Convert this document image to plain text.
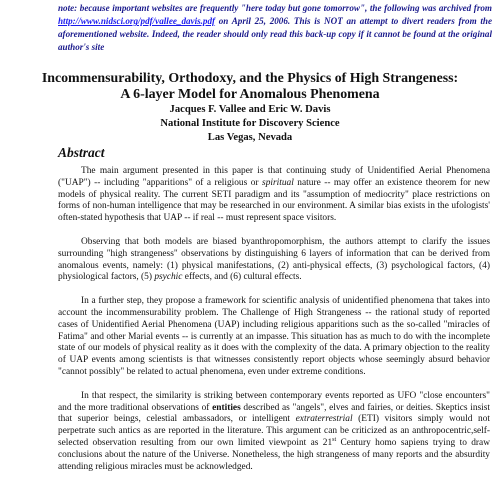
note: because important websites are frequently "here today but gone tomorrow", the following was archived from http://www.nidsci.org/pdf/vallee_davis.pdf on April 25, 2006. This is NOT an attempt to divert readers from the aforementioned website. Indeed, the reader should only read this back-up copy if it cannot be found at the original author's site
Incommensurability, Orthodoxy, and the Physics of High Strangeness:
A 6-layer Model for Anomalous Phenomena
Jacques F. Vallee and Eric W. Davis
National Institute for Discovery Science
Las Vegas, Nevada
Abstract

The main argument presented in this paper is that continuing study of Unidentified Aerial Phenomena ("UAP") -- including "apparitions" of a religious or spiritual nature -- may offer an existence theorem for new models of physical reality. The current SETI paradigm and its "assumption of mediocrity" place restrictions on forms of non-human intelligence that may be researched in our environment. A similar bias exists in the ufologists' often-stated hypothesis that UAP -- if real -- must represent space visitors.

Observing that both models are biased byanthropomorphism, the authors attempt to clarify the issues surrounding "high strangeness" observations by distinguishing 6 layers of information that can be derived from anomalous events, namely: (1) physical manifestations, (2) anti-physical effects, (3) psychological factors, (4) physiological factors, (5) psychic effects, and (6) cultural effects.

In a further step, they propose a framework for scientific analysis of unidentified phenomena that takes into account the incommensurability problem. The Challenge of High Strangeness -- the rational study of reported cases of Unidentified Aerial Phenomena (UAP) including religious apparitions such as the so-called "miracles of Fatima" and other Marial events -- is currently at an impasse. This situation has as much to do with the incomplete state of our models of physical reality as it does with the complexity of the data. A primary objection to the reality of UAP events among scientists is that witnesses consistently report objects whose seemingly absurd behavior "cannot possibly" be related to actual phenomena, even under extreme conditions.

In that respect, the similarity is striking between contemporary events reported as UFO "close encounters" and the more traditional observations of entities described as "angels", elves and fairies, or deities. Skeptics insist that superior beings, celestial ambassadors, or intelligent extraterrestrial (ETI) visitors simply would not perpetrate such antics as are reported in the literature. This argument can be criticized as an anthropocentric,self-selected observation resulting from our own limited viewpoint as 21st Century homo sapiens trying to draw conclusions about the nature of the Universe. Nonetheless, the high strangeness of many reports and the absurdity attending religious miracles must be acknowledged.
